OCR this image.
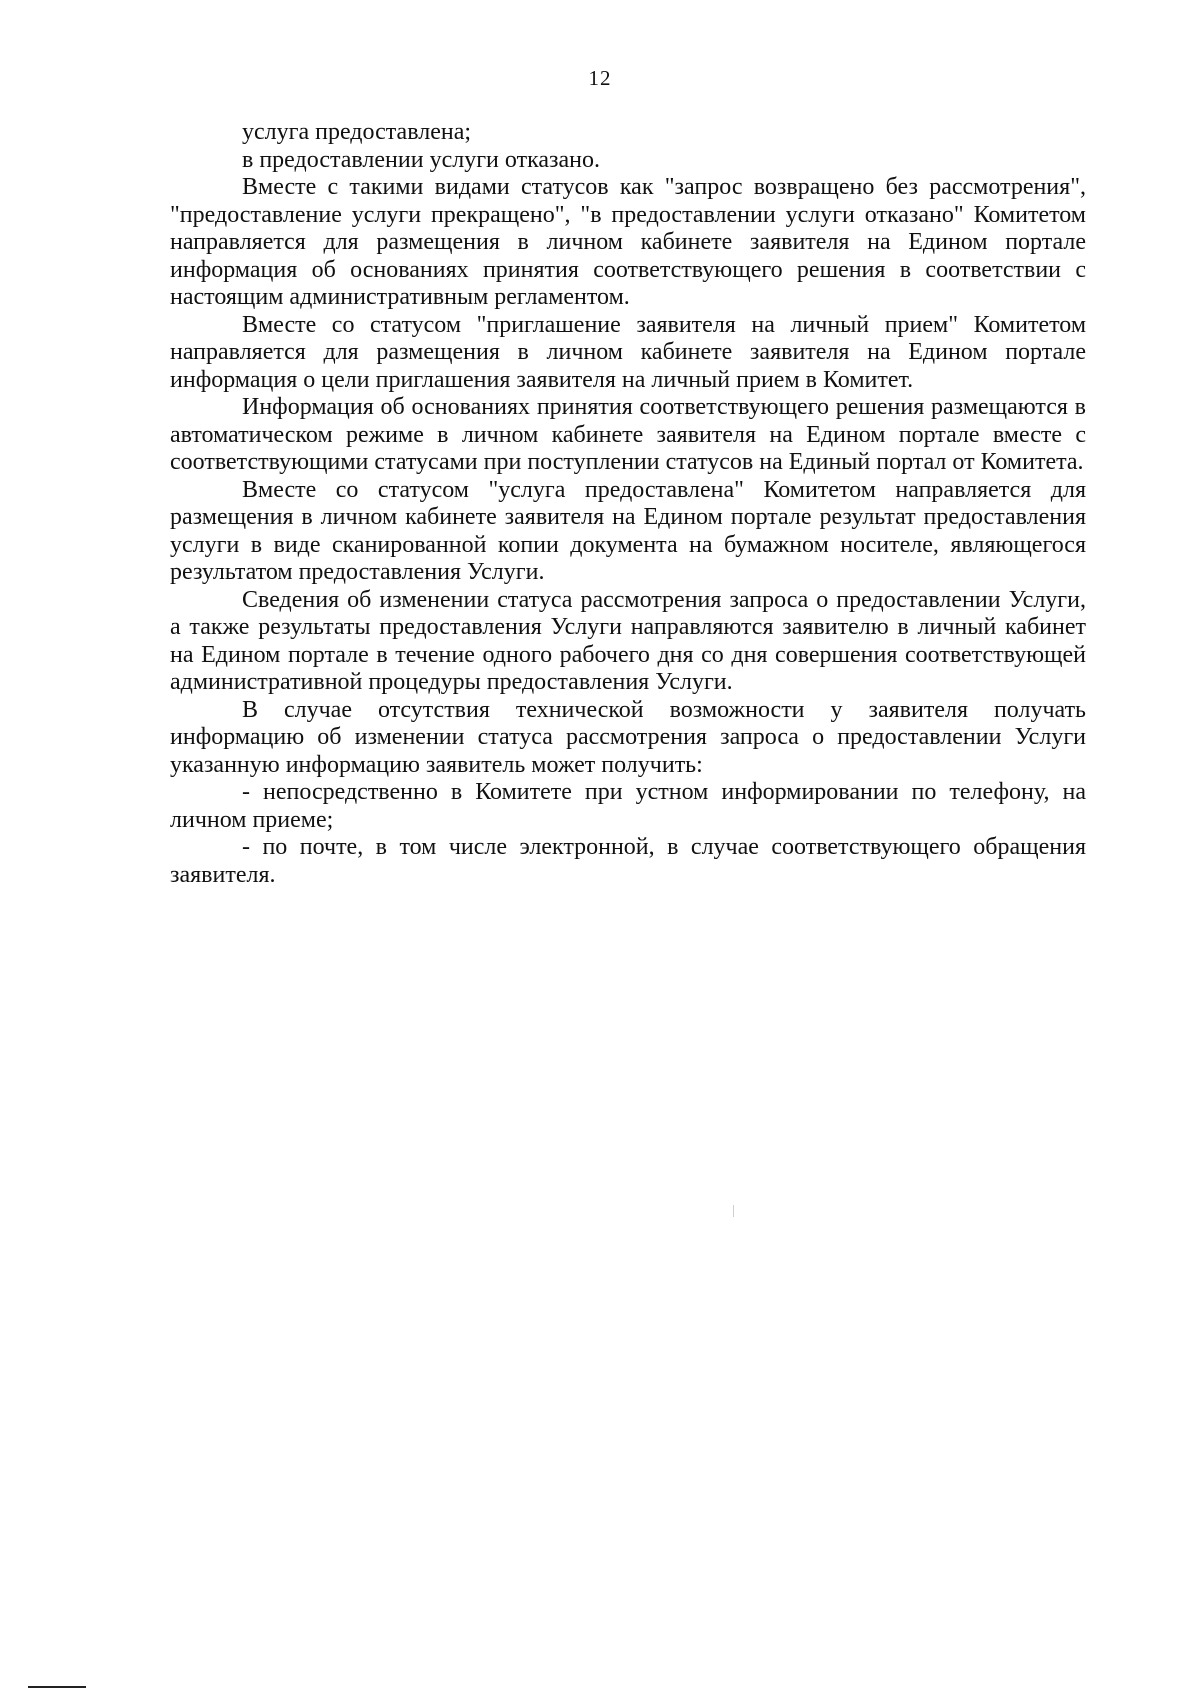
12

услуга предоставлена;

в предоставлении услуги отказано.

Вместе с такими видами статусов как "запрос возвращено без рассмотрения", "предоставление услуги прекращено", "в предоставлении услуги отказано" Комитетом направляется для размещения в личном кабинете заявителя на Едином портале информация об основаниях принятия соответствующего решения в соответствии с настоящим административным регламентом.

Вместе со статусом "приглашение заявителя на личный прием" Комитетом направляется для размещения в личном кабинете заявителя на Едином портале информация о цели приглашения заявителя на личный прием в Комитет.

Информация об основаниях принятия соответствующего решения размещаются в автоматическом режиме в личном кабинете заявителя на Едином портале вместе с соответствующими статусами при поступлении статусов на Единый портал от Комитета.

Вместе со статусом "услуга предоставлена" Комитетом направляется для размещения в личном кабинете заявителя на Едином портале результат предоставления услуги в виде сканированной копии документа на бумажном носителе, являющегося результатом предоставления Услуги.

Сведения об изменении статуса рассмотрения запроса о предоставлении Услуги, а также результаты предоставления Услуги направляются заявителю в личный кабинет на Едином портале в течение одного рабочего дня со дня совершения соответствующей административной процедуры предоставления Услуги.

В случае отсутствия технической возможности у заявителя получать информацию об изменении статуса рассмотрения запроса о предоставлении Услуги указанную информацию заявитель может получить:

- непосредственно в Комитете при устном информировании по телефону, на личном приеме;

- по почте, в том числе электронной, в случае соответствующего обращения заявителя.
